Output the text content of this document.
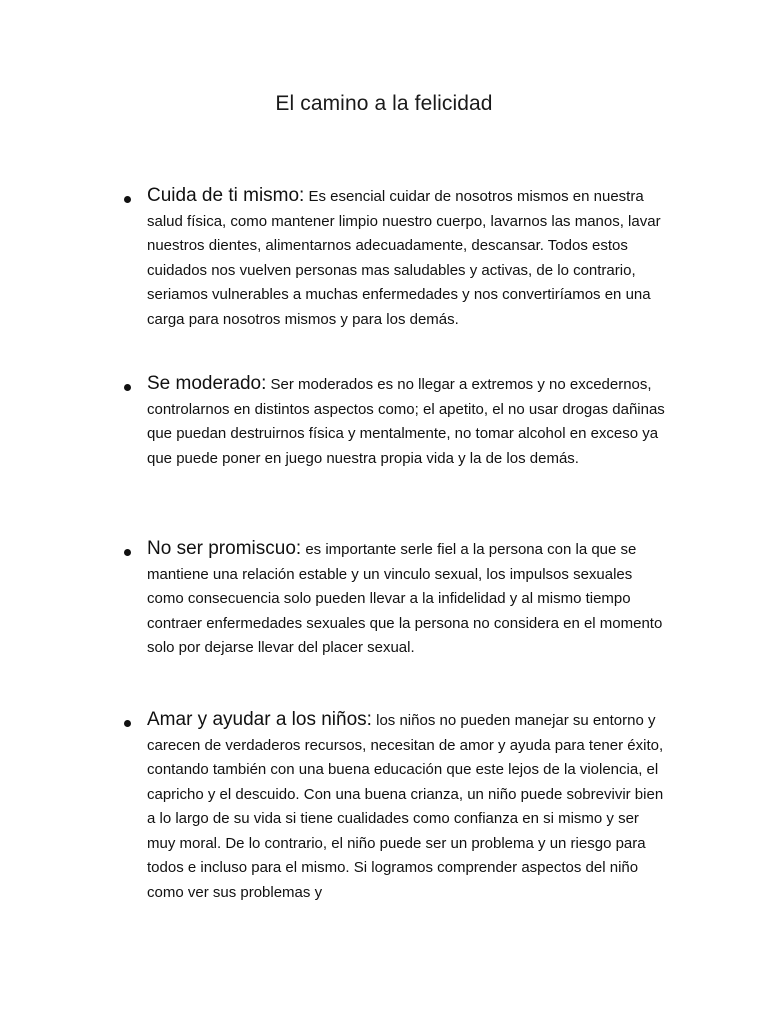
El camino a la felicidad

Cuida de ti mismo: Es esencial cuidar de nosotros mismos en nuestra salud física, como mantener limpio nuestro cuerpo, lavarnos las manos, lavar nuestros dientes, alimentarnos adecuadamente, descansar. Todos estos cuidados nos vuelven personas mas saludables y activas, de lo contrario, seriamos vulnerables a muchas enfermedades y nos convertiríamos en una carga para nosotros mismos y para los demás.

Se moderado: Ser moderados es no llegar a extremos y no excedernos, controlarnos en distintos aspectos como; el apetito, el no usar drogas dañinas que puedan destruirnos física y mentalmente, no tomar alcohol en exceso ya que puede poner en juego nuestra propia vida y la de los demás.

No ser promiscuo: es importante serle fiel a la persona con la que se mantiene una relación estable y un vinculo sexual, los impulsos sexuales como consecuencia solo pueden llevar a la infidelidad y al mismo tiempo contraer enfermedades sexuales que la persona no considera en el momento solo por dejarse llevar del placer sexual.

Amar y ayudar a los niños: los niños no pueden manejar su entorno y carecen de verdaderos recursos, necesitan de amor y ayuda para tener éxito, contando también con una buena educación que este lejos de la violencia, el capricho y el descuido. Con una buena crianza, un niño puede sobrevivir bien a lo largo de su vida si tiene cualidades como confianza en si mismo y ser muy moral. De lo contrario, el niño puede ser un problema y un riesgo para todos e incluso para el mismo. Si logramos comprender aspectos del niño como ver sus problemas y
